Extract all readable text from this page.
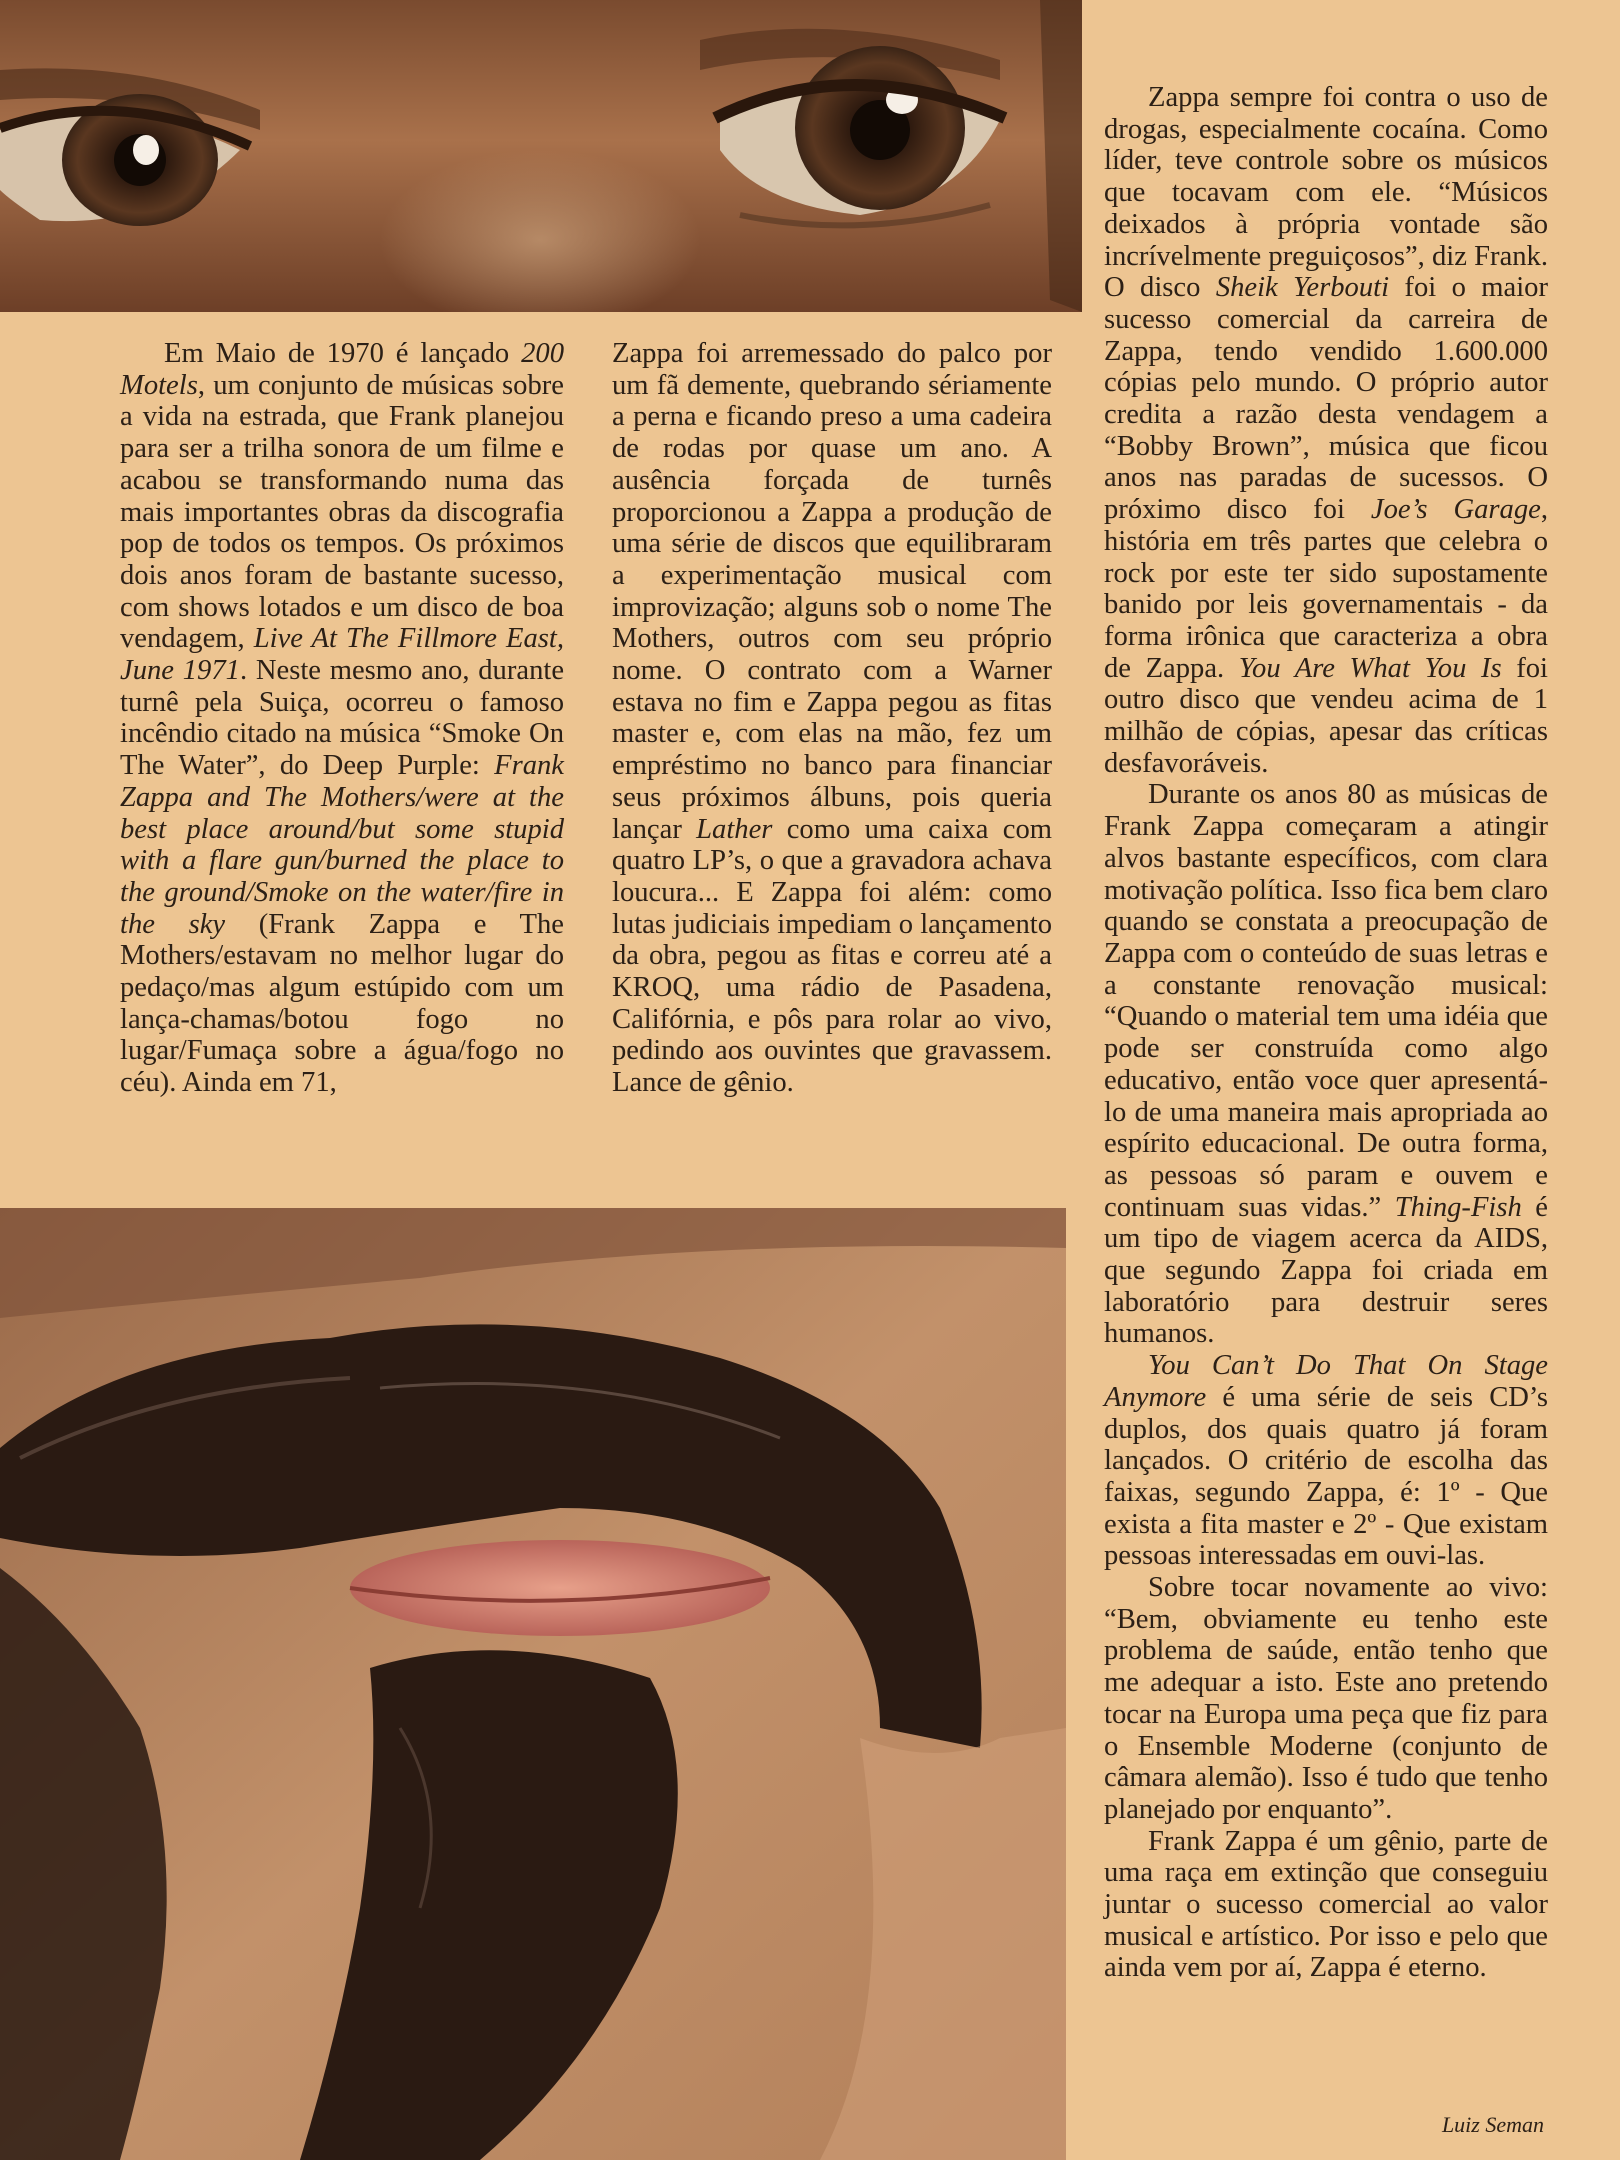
Em Maio de 1970 é lançado 200 Motels, um conjunto de músicas sobre a vida na estrada, que Frank planejou para ser a trilha sonora de um filme e acabou se transformando numa das mais importantes obras da discografia pop de todos os tempos. Os próximos dois anos foram de bastante sucesso, com shows lotados e um disco de boa vendagem, Live At The Fillmore East, June 1971. Neste mesmo ano, durante turnê pela Suiça, ocorreu o famoso incêndio citado na música “Smoke On The Water”, do Deep Purple: Frank Zappa and The Mothers/were at the best place around/but some stupid with a flare gun/burned the place to the ground/Smoke on the water/fire in the sky (Frank Zappa e The Mothers/estavam no melhor lugar do pedaço/mas algum estúpido com um lança-chamas/botou fogo no lugar/Fumaça sobre a água/fogo no céu). Ainda em 71,

Zappa foi arremessado do palco por um fã demente, quebrando sériamente a perna e ficando preso a uma cadeira de rodas por quase um ano. A ausência forçada de turnês proporcionou a Zappa a produção de uma série de discos que equilibraram a experimentação musical com improvização; alguns sob o nome The Mothers, outros com seu próprio nome. O contrato com a Warner estava no fim e Zappa pegou as fitas master e, com elas na mão, fez um empréstimo no banco para financiar seus próximos álbuns, pois queria lançar Lather como uma caixa com quatro LP’s, o que a gravadora achava loucura... E Zappa foi além: como lutas judiciais impediam o lançamento da obra, pegou as fitas e correu até a KROQ, uma rádio de Pasadena, Califórnia, e pôs para rolar ao vivo, pedindo aos ouvintes que gravassem. Lance de gênio.

Zappa sempre foi contra o uso de drogas, especialmente cocaína. Como líder, teve controle sobre os músicos que tocavam com ele. “Músicos deixados à própria vontade são incrívelmente preguiçosos”, diz Frank. O disco Sheik Yerbouti foi o maior sucesso comercial da carreira de Zappa, tendo vendido 1.600.000 cópias pelo mundo. O próprio autor credita a razão desta vendagem a “Bobby Brown”, música que ficou anos nas paradas de sucessos. O próximo disco foi Joe’s Garage, história em três partes que celebra o rock por este ter sido supostamente banido por leis governamentais - da forma irônica que caracteriza a obra de Zappa. You Are What You Is foi outro disco que vendeu acima de 1 milhão de cópias, apesar das críticas desfavoráveis.

Durante os anos 80 as músicas de Frank Zappa começaram a atingir alvos bastante específicos, com clara motivação política. Isso fica bem claro quando se constata a preocupação de Zappa com o conteúdo de suas letras e a constante renovação musical: “Quando o material tem uma idéia que pode ser construída como algo educativo, então voce quer apresentá-lo de uma maneira mais apropriada ao espírito educacional. De outra forma, as pessoas só param e ouvem e continuam suas vidas.” Thing-Fish é um tipo de viagem acerca da AIDS, que segundo Zappa foi criada em laboratório para destruir seres humanos.

You Can’t Do That On Stage Anymore é uma série de seis CD’s duplos, dos quais quatro já foram lançados. O critério de escolha das faixas, segundo Zappa, é: 1º - Que exista a fita master e 2º - Que existam pessoas interessadas em ouvi-las.

Sobre tocar novamente ao vivo: “Bem, obviamente eu tenho este problema de saúde, então tenho que me adequar a isto. Este ano pretendo tocar na Europa uma peça que fiz para o Ensemble Moderne (conjunto de câmara alemão). Isso é tudo que tenho planejado por enquanto”.

Frank Zappa é um gênio, parte de uma raça em extinção que conseguiu juntar o sucesso comercial ao valor musical e artístico. Por isso e pelo que ainda vem por aí, Zappa é eterno.

Luiz Seman
